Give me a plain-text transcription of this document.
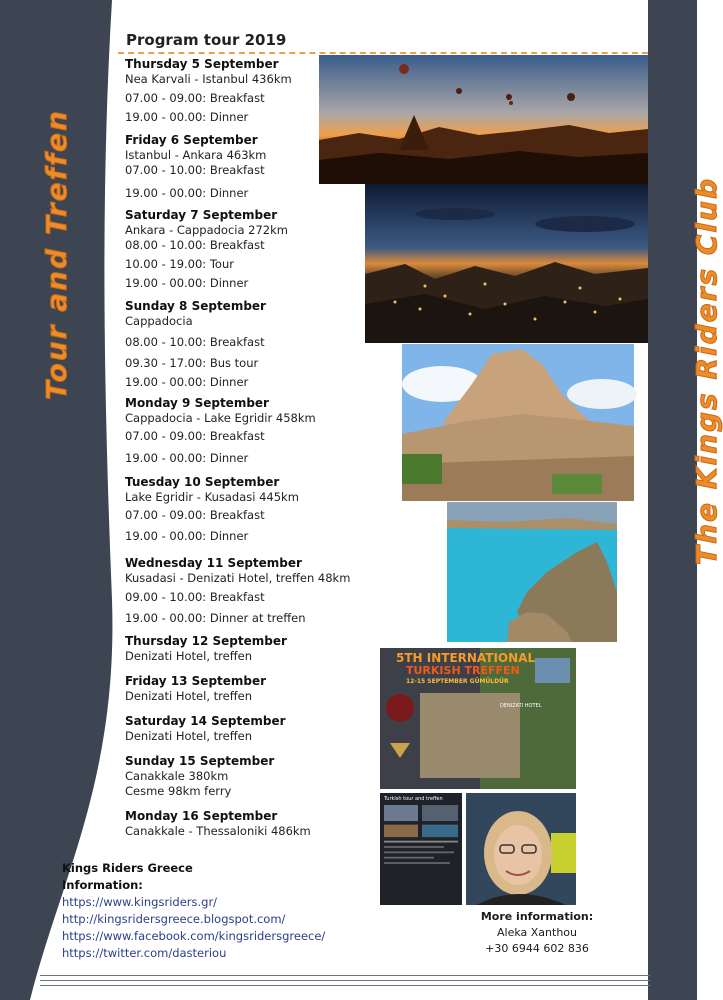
Tour and Treffen	The Kings Riders Club
Program tour 2019
Thursday 5 September
Nea Karvali - Istanbul 436km
07.00 - 09.00: Breakfast
19.00 - 00.00: Dinner
Friday 6 September
Istanbul - Ankara 463km
07.00 - 10.00: Breakfast
19.00 - 00.00: Dinner
Saturday 7 September
Ankara - Cappadocia 272km
08.00 - 10.00: Breakfast
10.00 - 19.00: Tour
19.00 - 00.00: Dinner
Sunday 8 September
Cappadocia
08.00 - 10.00: Breakfast
09.30 - 17.00: Bus tour
19.00 - 00.00: Dinner
Monday 9 September
Cappadocia - Lake Egridir 458km
07.00 - 09.00: Breakfast
19.00 - 00.00: Dinner
Tuesday 10 September
Lake Egridir - Kusadasi 445km
07.00 - 09.00: Breakfast
19.00 - 00.00: Dinner
Wednesday 11 September
Kusadasi - Denizati Hotel, treffen 48km
09.00 - 10.00: Breakfast
19.00 - 00.00: Dinner at treffen
Thursday 12 September
Denizati Hotel, treffen
Friday 13 September
Denizati Hotel, treffen
Saturday 14 September
Denizati Hotel, treffen
Sunday 15 September
Canakkale 380km
Cesme 98km ferry
Monday 16 September
Canakkale - Thessaloniki 486km
5TH INTERNATIONAL
TURKISH TREFFEN
12-15 SEPTEMBER GÜMÜLDÜR
DENIZATI HOTEL
Turkish tour and treffen
Kings Riders Greece
Information:
https://www.kingsriders.gr/
http://kingsridersgreece.blogspot.com/
https://www.facebook.com/kingsridersgreece/
https://twitter.com/dasteriou
More information:
Aleka Xanthou
+30 6944 602 836
